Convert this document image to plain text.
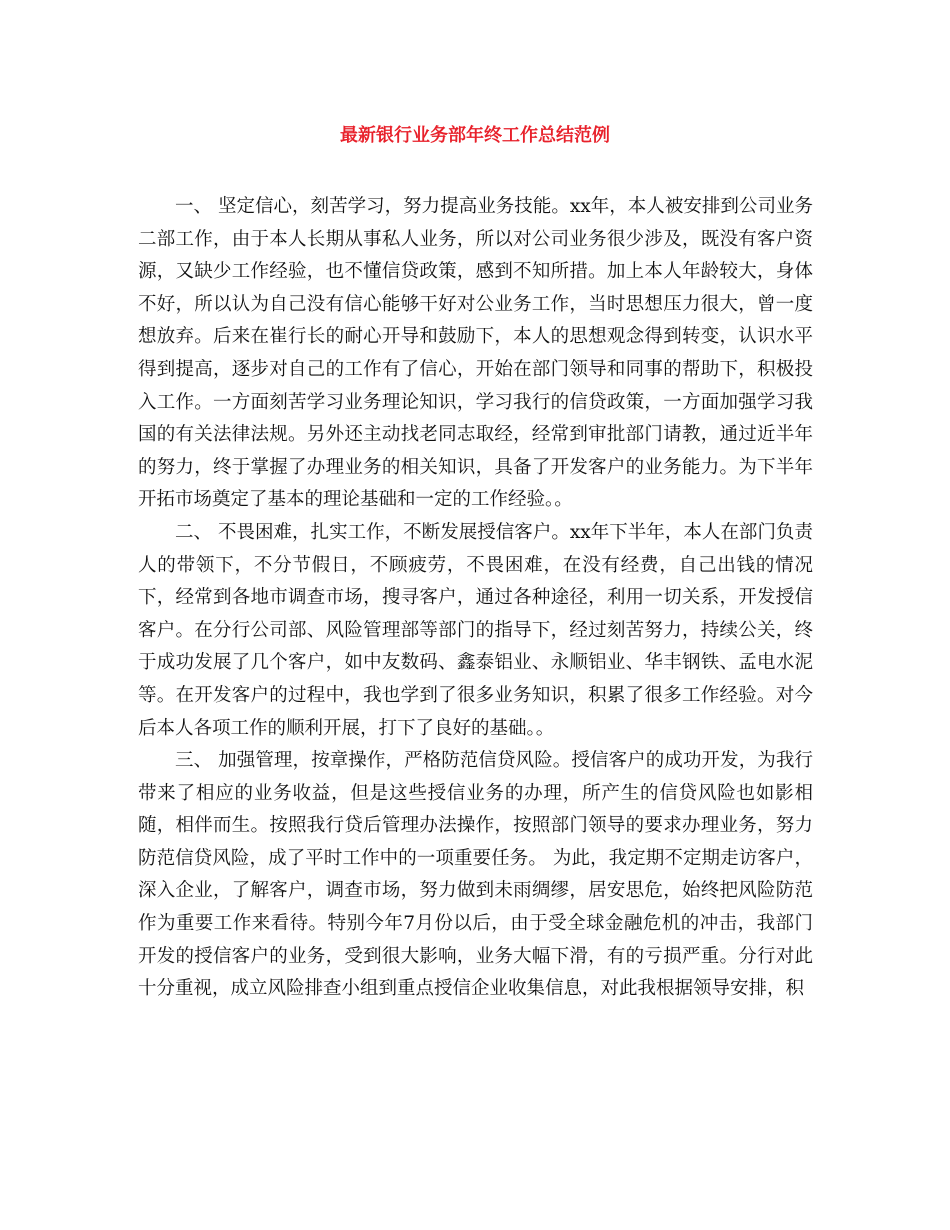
最新银行业务部年终工作总结范例

一、 坚定信心，刻苦学习，努力提高业务技能。xx年，本人被安排到公司业务二部工作，由于本人长期从事私人业务，所以对公司业务很少涉及，既没有客户资源，又缺少工作经验，也不懂信贷政策，感到不知所措。加上本人年龄较大，身体不好，所以认为自己没有信心能够干好对公业务工作，当时思想压力很大，曾一度想放弃。后来在崔行长的耐心开导和鼓励下，本人的思想观念得到转变，认识水平得到提高，逐步对自己的工作有了信心，开始在部门领导和同事的帮助下，积极投入工作。一方面刻苦学习业务理论知识，学习我行的信贷政策，一方面加强学习我国的有关法律法规。另外还主动找老同志取经，经常到审批部门请教，通过近半年的努力，终于掌握了办理业务的相关知识，具备了开发客户的业务能力。为下半年开拓市场奠定了基本的理论基础和一定的工作经验。。

二、 不畏困难，扎实工作，不断发展授信客户。xx年下半年，本人在部门负责人的带领下，不分节假日，不顾疲劳，不畏困难，在没有经费，自己出钱的情况下，经常到各地市调查市场，搜寻客户，通过各种途径，利用一切关系，开发授信客户。在分行公司部、风险管理部等部门的指导下，经过刻苦努力，持续公关，终于成功发展了几个客户，如中友数码、鑫泰铝业、永顺铝业、华丰钢铁、孟电水泥等。在开发客户的过程中，我也学到了很多业务知识，积累了很多工作经验。对今后本人各项工作的顺利开展，打下了良好的基础。。

三、 加强管理，按章操作，严格防范信贷风险。授信客户的成功开发，为我行带来了相应的业务收益，但是这些授信业务的办理，所产生的信贷风险也如影相随，相伴而生。按照我行贷后管理办法操作，按照部门领导的要求办理业务，努力防范信贷风险，成了平时工作中的一项重要任务。 为此，我定期不定期走访客户，深入企业，了解客户，调查市场，努力做到未雨绸缪，居安思危，始终把风险防范作为重要工作来看待。特别今年7月份以后，由于受全球金融危机的冲击，我部门开发的授信客户的业务，受到很大影响，业务大幅下滑，有的亏损严重。分行对此十分重视，成立风险排查小组到重点授信企业收集信息，对此我根据领导安排，积
